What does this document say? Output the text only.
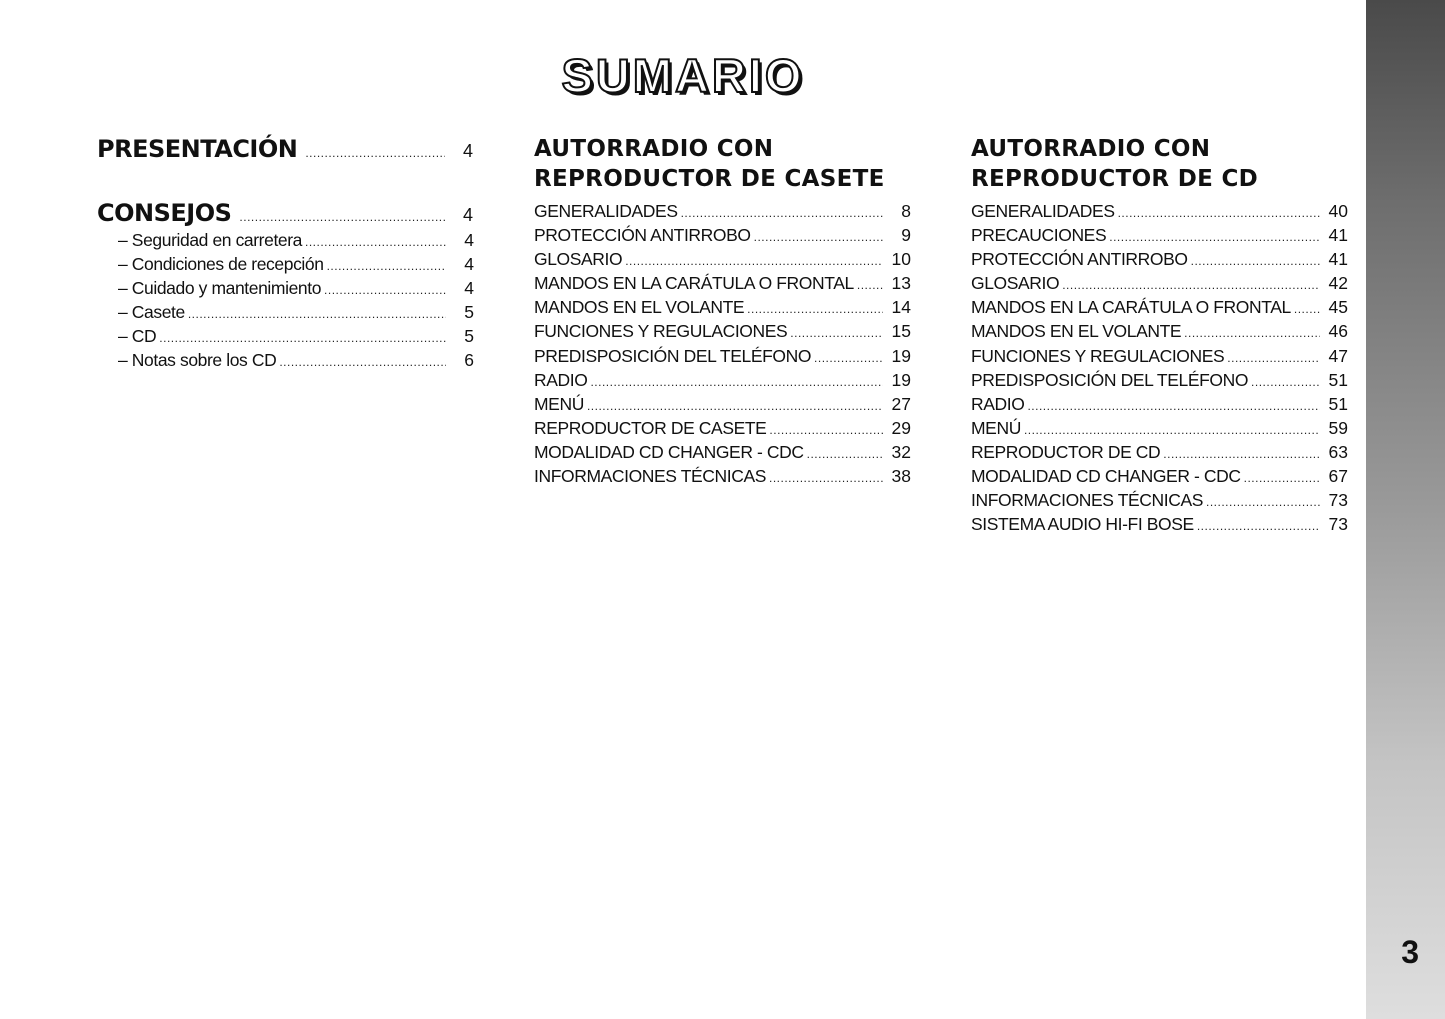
3
SUMARIO
PRESENTACIÓN .....	4
CONSEJOS .....	4
– Seguridad en carretera .....	4
– Condiciones de recepción .....	4
– Cuidado y mantenimiento .....	4
– Casete .....	5
– CD .....	5
– Notas sobre los CD .....	6
AUTORRADIO CON
REPRODUCTOR DE CASETE
GENERALIDADES .....	8
PROTECCIÓN ANTIRROBO .....	9
GLOSARIO .....	10
MANDOS EN LA CARÁTULA O FRONTAL ..... 13
MANDOS EN EL VOLANTE .....	14
FUNCIONES Y REGULACIONES .....	15
PREDISPOSICIÓN DEL TELÉFONO .....	19
RADIO .....	19
MENÚ .....	27
REPRODUCTOR DE CASETE .....	29
MODALIDAD CD CHANGER - CDC .....	32
INFORMACIONES TÉCNICAS .....	38
AUTORRADIO CON
REPRODUCTOR DE CD
GENERALIDADES .....	40
PRECAUCIONES .....	41
PROTECCIÓN ANTIRROBO .....	41
GLOSARIO .....	42
MANDOS EN LA CARÁTULA O FRONTAL ..... 45
MANDOS EN EL VOLANTE .....	46
FUNCIONES Y REGULACIONES .....	47
PREDISPOSICIÓN DEL TELÉFONO .....	51
RADIO .....	51
MENÚ .....	59
REPRODUCTOR DE CD .....	63
MODALIDAD CD CHANGER - CDC .....	67
INFORMACIONES TÉCNICAS .....	73
SISTEMA AUDIO HI-FI BOSE .....	73
